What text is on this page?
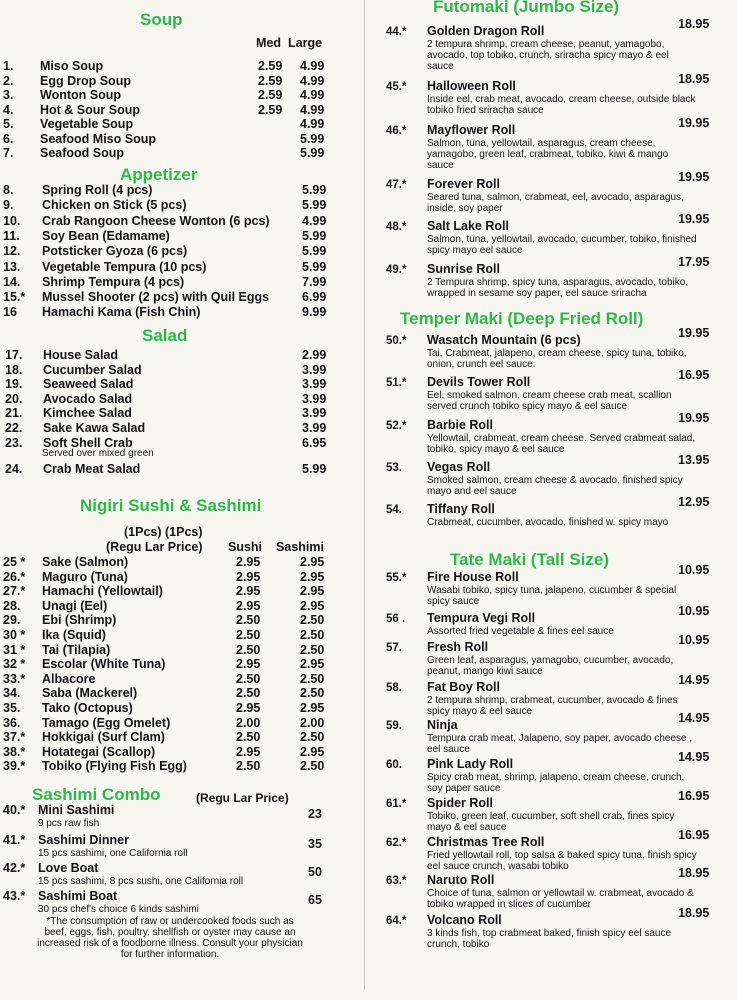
Soup
Med Large
1. Miso Soup	2.59 4.99
2. Egg Drop Soup	2.59 4.99
3. Wonton Soup	2.59 4.99
4. Hot & Sour Soup	2.59 4.99
5. Vegetable Soup	4.99
6. Seafood Miso Soup	5.99
7. Seafood Soup	5.99
Appetizer
8. Spring Roll (4 pcs)	5.99
9. Chicken on Stick (5 pcs)	5.99
10. Crab Rangoon Cheese Wonton (6 pcs)	4.99
11. Soy Bean (Edamame)	5.99
12. Potsticker Gyoza (6 pcs)	5.99
13. Vegetable Tempura (10 pcs)	5.99
14. Shrimp Tempura (4 pcs)	7.99
15.* Mussel Shooter (2 pcs) with Quil Eggs	6.99
16 Hamachi Kama (Fish Chin)	9.99
Salad
17. House Salad	2.99
18. Cucumber Salad	3.99
19. Seaweed Salad	3.99
20. Avocado Salad	3.99
21. Kimchee Salad	3.99
22. Sake Kawa Salad	3.99
23. Soft Shell Crab	6.95
24. Crab Meat Salad	5.99
Served over mixed green
Nigiri Sushi & Sashimi
(1Pcs) (1Pcs)
(Regu Lar Price) Sushi Sashimi
25 * Sake (Salmon)	2.95	2.95
26.* Maguro (Tuna)	2.95	2.95
27.* Hamachi (Yellowtail)	2.95	2.95
28. Unagi (Eel)	2.95	2.95
29. Ebi (Shrimp)	2.50	2.50
30 * Ika (Squid)	2.50	2.50
31 * Tai (Tilapia)	2.50	2.50
32 * Escolar (White Tuna)	2.95	2.95
33.* Albacore	2.50	2.50
34. Saba (Mackerel)	2.50	2.50
35. Tako (Octopus)	2.95	2.95
36. Tamago (Egg Omelet)	2.00	2.00
37.* Hokkigai (Surf Clam)	2.50	2.50
38.* Hotategai (Scallop)	2.95	2.95
39.* Tobiko (Flying Fish Egg)	2.50	2.50
Sashimi Combo	(Regu Lar Price)
40.* Mini Sashimi	23
9 pcs raw fish
41.* Sashimi Dinner	35
15 pcs sashimi, one California roll
42.* Love Boat	50
15 pcs sashimi, 8 pcs sushi, one California roll
43.* Sashimi Boat	65
30 pcs chef's choice 6 kinds sashimi
*The consumption of raw or undercooked foods such as beef, eggs, fish, poultry, shellfish or oyster may cause an increased risk of a foodborne illness. Consult your physician for further information.
Futomaki (Jumbo Size)
44.* Golden Dragon Roll	18.95
2 tempura shrimp, cream cheese, peanut, yamagobo, avocado, top tobiko, crunch, sriracha spicy mayo & eel sauce
45.* Halloween Roll	18.95
Inside eel, crab meat, avocado, cream cheese, outside black tobiko fried sriracha sauce
46.* Mayflower Roll	19.95
Salmon, tuna, yellowtail, asparagus, cream cheese, yamagobo, green leaf, crabmeat, tobiko, kiwi & mango sauce
47.* Forever Roll	19.95
Seared tuna, salmon, crabmeat, eel, avocado, asparagus, inside, soy paper
48.* Salt Lake Roll	19.95
Salmon, tuna, yellowtail, avocado, cucumber, tobiko, finished spicy mayo eel sauce
49.* Sunrise Roll	17.95
2 Tempura shrimp, spicy tuna, asparagus, avocado, tobiko, wrapped in sesame soy paper, eel sauce sriracha
Temper Maki (Deep Fried Roll)
50.* Wasatch Mountain (6 pcs)	19.95
Tai, Crabmeat, jalapeno, cream cheese, spicy tuna, tobiko, onion, crunch eel sauce.
51.* Devils Tower Roll	16.95
Eel, smoked salmon, cream cheese crab meat, scallion served crunch tobiko spicy mayo & eel sauce
52.* Barbie Roll	19.95
Yellowtail, crabmeat, cream cheese. Served crabmeat salad, tobiko, spicy mayo & eel sauce
53. Vegas Roll	13.95
Smoked salmon, cream cheese & avocado, finished spicy mayo and eel sauce
54. Tiffany Roll	12.95
Crabmeat, cucumber, avocado, finished w. spicy mayo
Tate Maki (Tall Size)
55.* Fire House Roll	10.95
Wasabi tobiko, spicy tuna, jalapeno, cucumber & special spicy sauce
56 . Tempura Vegi Roll	10.95
Assorted fried vegetable & fines eel sauce
57. Fresh Roll	10.95
Green leaf, asparagus, yamagobo, cucumber, avocado, peanut, mango kiwi sauce
58. Fat Boy Roll	14.95
2 tempura shrimp, crabmeat, cucumber, avocado & fines spicy mayo & eel sauce
59. Ninja	14.95
Tempura crab meat, Jalapeno, soy paper, avocado cheese , eel sauce
60. Pink Lady Roll	14.95
Spicy crab meat, shrimp, jalapeno, cream cheese, crunch, soy paper sauce
61.* Spider Roll	16.95
Tobiko, green leaf, cucumber, soft shell crab, fines spicy mayo & eel sauce
62.* Christmas Tree Roll	16.95
Fried yellowtail roll, top salsa & baked spicy tuna, finish spicy eel sauce crunch, wasabi tobiko
63.* Naruto Roll	18.95
Choice of tuna, salmon or yellowtail w. crabmeat, avocado & tobiko wrapped in slices of cucumber
64.* Volcano Roll	18.95
3 kinds fish, top crabmeat baked, finish spicy eel sauce crunch, tobiko
